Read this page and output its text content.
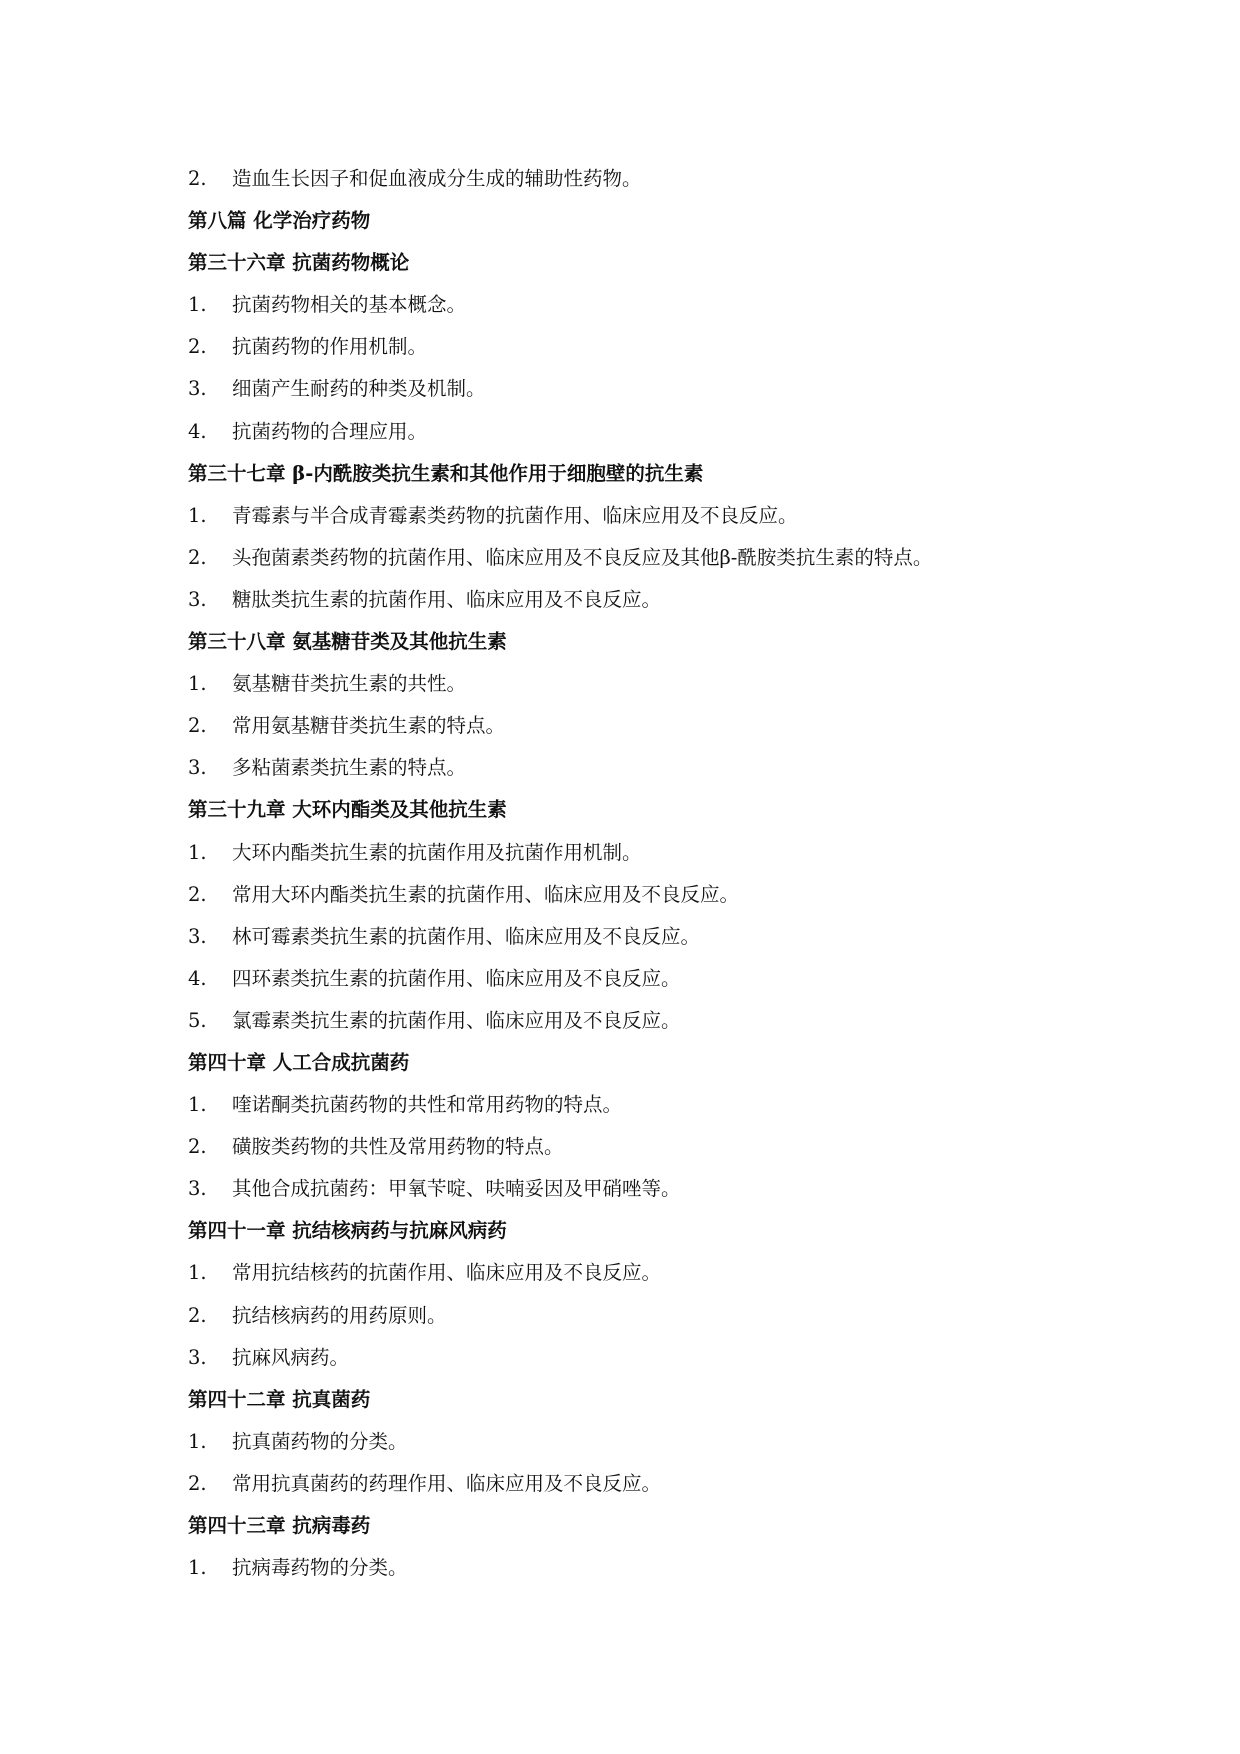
2.	造血生长因子和促血液成分生成的辅助性药物。
第八篇 化学治疗药物
第三十六章 抗菌药物概论
1.	抗菌药物相关的基本概念。
2.	抗菌药物的作用机制。
3.	细菌产生耐药的种类及机制。
4.	抗菌药物的合理应用。
第三十七章 β-内酰胺类抗生素和其他作用于细胞壁的抗生素
1.	青霉素与半合成青霉素类药物的抗菌作用、临床应用及不良反应。
2.	头孢菌素类药物的抗菌作用、临床应用及不良反应及其他β-酰胺类抗生素的特点。
3.	糖肽类抗生素的抗菌作用、临床应用及不良反应。
第三十八章 氨基糖苷类及其他抗生素
1.	氨基糖苷类抗生素的共性。
2.	常用氨基糖苷类抗生素的特点。
3.	多粘菌素类抗生素的特点。
第三十九章 大环内酯类及其他抗生素
1.	大环内酯类抗生素的抗菌作用及抗菌作用机制。
2.	常用大环内酯类抗生素的抗菌作用、临床应用及不良反应。
3.	林可霉素类抗生素的抗菌作用、临床应用及不良反应。
4.	四环素类抗生素的抗菌作用、临床应用及不良反应。
5.	氯霉素类抗生素的抗菌作用、临床应用及不良反应。
第四十章 人工合成抗菌药
1.	喹诺酮类抗菌药物的共性和常用药物的特点。
2.	磺胺类药物的共性及常用药物的特点。
3.	其他合成抗菌药：甲氧苄啶、呋喃妥因及甲硝唑等。
第四十一章 抗结核病药与抗麻风病药
1.	常用抗结核药的抗菌作用、临床应用及不良反应。
2.	抗结核病药的用药原则。
3.	抗麻风病药。
第四十二章 抗真菌药
1.	抗真菌药物的分类。
2.	常用抗真菌药的药理作用、临床应用及不良反应。
第四十三章 抗病毒药
1.	抗病毒药物的分类。
